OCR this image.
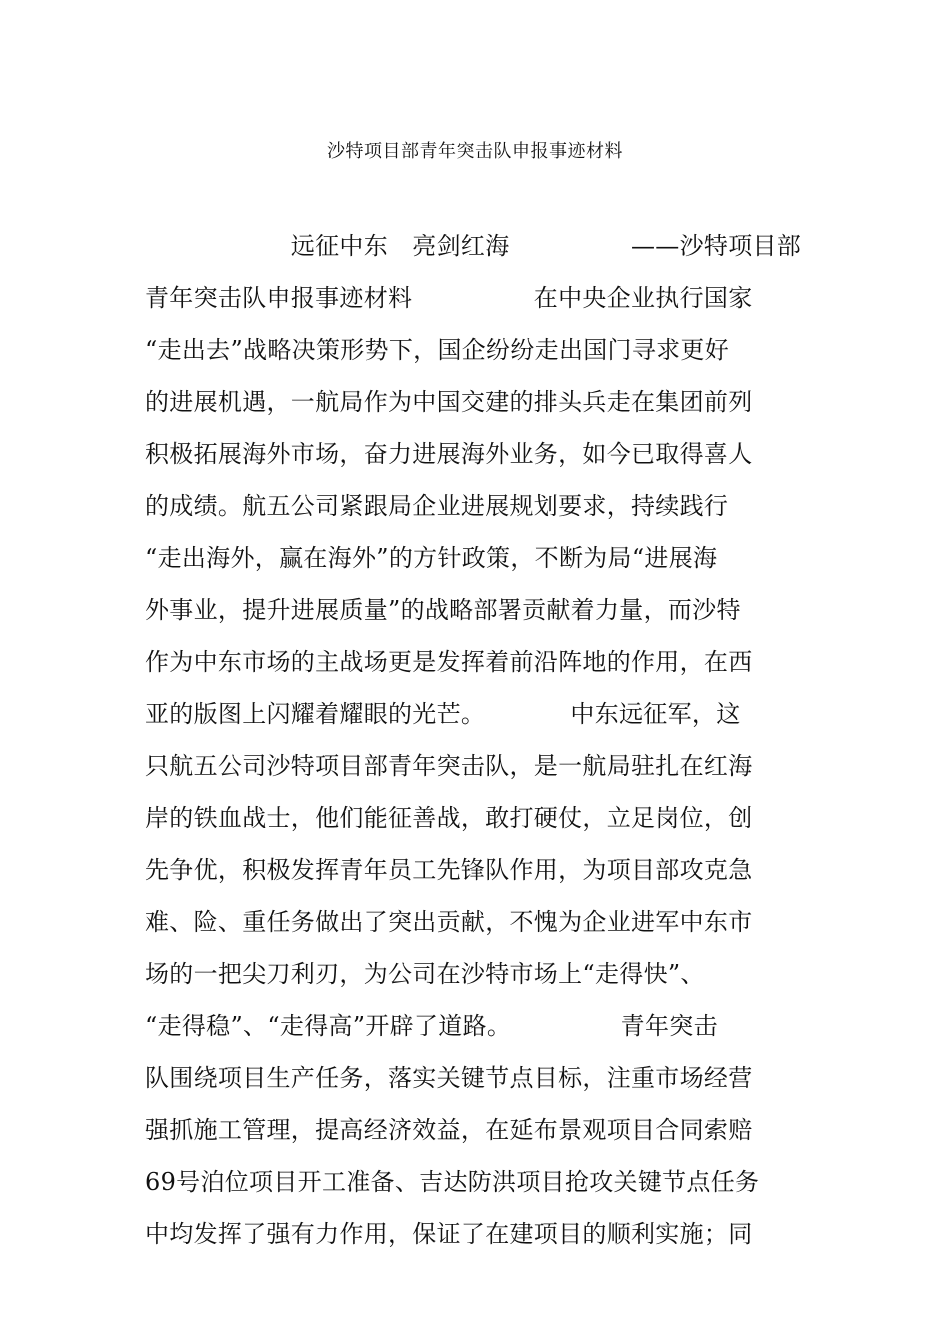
沙特项目部青年突击队申报事迹材料
　　　　　　远征中东　亮剑红海　　　　　——沙特项目部
青年突击队申报事迹材料　　　　　在中央企业执行国家
“走出去”战略决策形势下，国企纷纷走出国门寻求更好
的进展机遇，一航局作为中国交建的排头兵走在集团前列
积极拓展海外市场，奋力进展海外业务，如今已取得喜人
的成绩。航五公司紧跟局企业进展规划要求，持续践行
“走出海外，赢在海外”的方针政策，不断为局“进展海
外事业，提升进展质量”的战略部署贡献着力量，而沙特
作为中东市场的主战场更是发挥着前沿阵地的作用，在西
亚的版图上闪耀着耀眼的光芒。　　　　中东远征军，这
只航五公司沙特项目部青年突击队，是一航局驻扎在红海
岸的铁血战士，他们能征善战，敢打硬仗，立足岗位，创
先争优，积极发挥青年员工先锋队作用，为项目部攻克急
难、险、重任务做出了突出贡献，不愧为企业进军中东市
场的一把尖刀利刃，为公司在沙特市场上“走得快”、
“走得稳”、“走得高”开辟了道路。　　　　　青年突击
队围绕项目生产任务，落实关键节点目标，注重市场经营
强抓施工管理，提高经济效益，在延布景观项目合同索赔
69号泊位项目开工准备、吉达防洪项目抢攻关键节点任务
中均发挥了强有力作用，保证了在建项目的顺利实施；同
